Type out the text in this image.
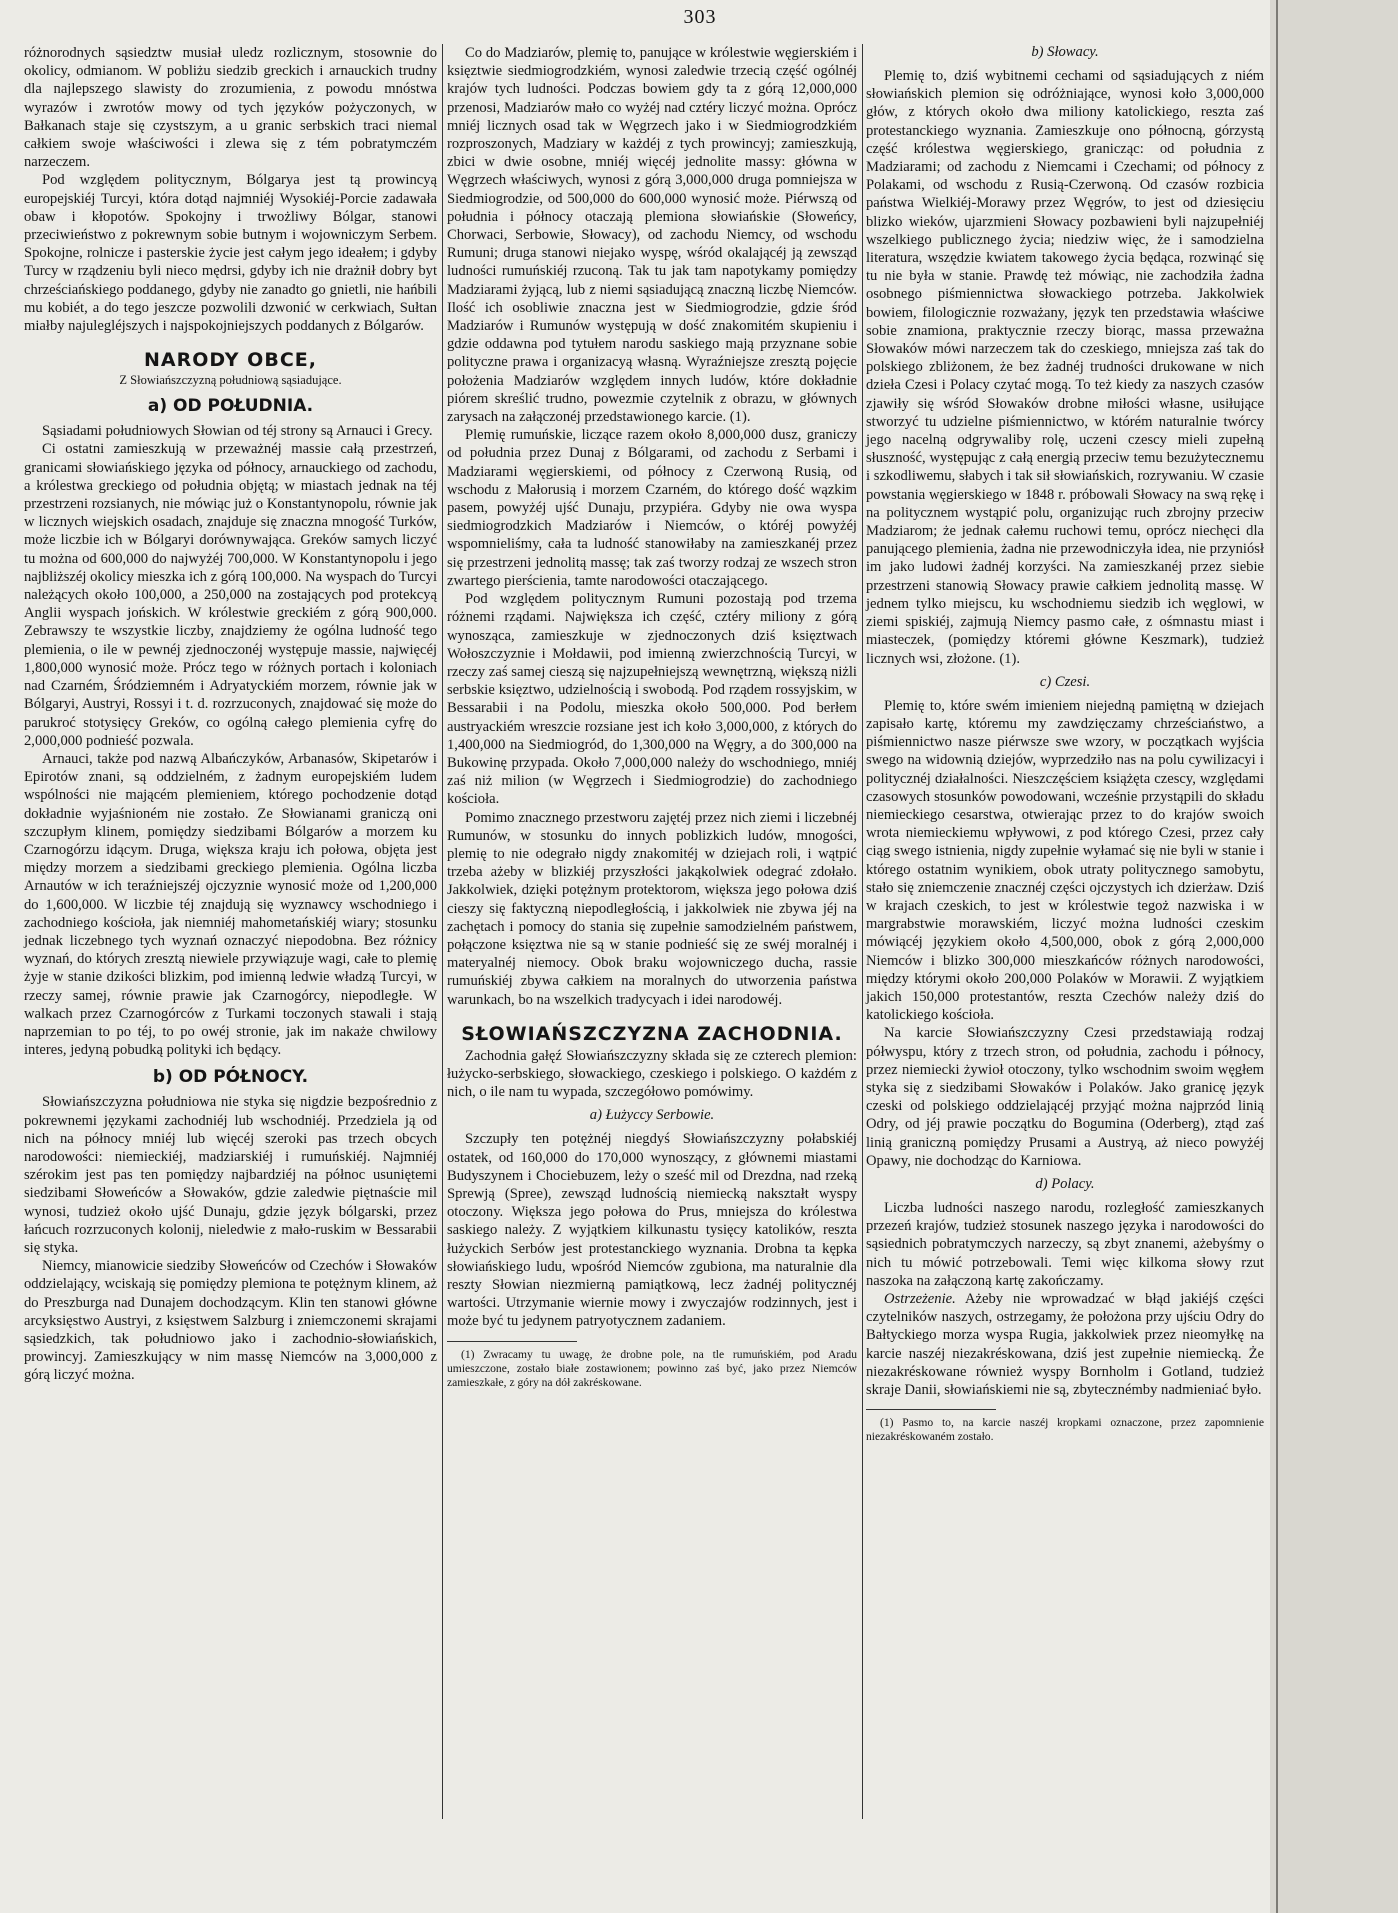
303

różnorodnych sąsiedztw musiał uledz rozlicznym, stosownie do okolicy, odmianom. W pobliżu siedzib greckich i arnauckich trudny dla najlepszego slawisty do zrozumienia, z powodu mnóstwa wyrazów i zwrotów mowy od tych języków pożyczonych, w Bałkanach staje się czystszym, a u granic serbskich traci niemal całkiem swoje właściwości i zlewa się z tém pobratymczém narzeczem.

Pod względem politycznym, Bólgarya jest tą prowincyą europejskiéj Turcyi, która dotąd najmniéj Wysokiéj-Porcie zadawała obaw i kłopotów. Spokojny i trwożliwy Bólgar, stanowi przeciwieństwo z pokrewnym sobie butnym i wojowniczym Serbem. Spokojne, rolnicze i pasterskie życie jest całym jego ideałem; i gdyby Turcy w rządzeniu byli nieco mędrsi, gdyby ich nie drażnił dobry byt chrześciańskiego poddanego, gdyby nie zanadto go gnietli, nie hańbili mu kobiét, a do tego jeszcze pozwolili dzwonić w cerkwiach, Sułtan miałby najulegléjszych i najspokojniejszych poddanych z Bólgarów.

NARODY OBCE,
Z Słowiańszczyzną południową sąsiadujące.
a) OD POŁUDNIA.

Sąsiadami południowych Słowian od téj strony są Arnauci i Grecy.

Ci ostatni zamieszkują w przeważnéj massie całą przestrzeń, granicami słowiańskiego języka od północy, arnauckiego od zachodu, a królestwa greckiego od południa objętą; w miastach jednak na téj przestrzeni rozsianych, nie mówiąc już o Konstantynopolu, równie jak w licznych wiejskich osadach, znajduje się znaczna mnogość Turków, może liczbie ich w Bólgaryi dorównywająca. Greków samych liczyć tu można od 600,000 do najwyżéj 700,000. W Konstantynopolu i jego najbliższéj okolicy mieszka ich z górą 100,000. Na wyspach do Turcyi należących około 100,000, a 250,000 na zostających pod protekcyą Anglii wyspach jońskich. W królestwie greckiém z górą 900,000. Zebrawszy te wszystkie liczby, znajdziemy że ogólna ludność tego plemienia, o ile w pewnéj zjednoczonéj występuje massie, najwięcéj 1,800,000 wynosić może. Prócz tego w różnych portach i koloniach nad Czarném, Śródziemném i Adryatyckiém morzem, równie jak w Bólgaryi, Austryi, Rossyi i t. d. rozrzuconych, znajdować się może do parukroć stotysięcy Greków, co ogólną całego plemienia cyfrę do 2,000,000 podnieść pozwala.

Arnauci, także pod nazwą Albańczyków, Arbanasów, Skipetarów i Epirotów znani, są oddzielném, z żadnym europejskiém ludem wspólności nie mającém plemieniem, którego pochodzenie dotąd dokładnie wyjaśnioném nie zostało. Ze Słowianami graniczą oni szczupłym klinem, pomiędzy siedzibami Bólgarów a morzem ku Czarnogórzu idącym. Druga, większa kraju ich połowa, objęta jest między morzem a siedzibami greckiego plemienia. Ogólna liczba Arnautów w ich teraźniejszéj ojczyznie wynosić może od 1,200,000 do 1,600,000. W liczbie téj znajdują się wyznawcy wschodniego i zachodniego kościoła, jak niemniéj mahometańskiéj wiary; stosunku jednak liczebnego tych wyznań oznaczyć niepodobna. Bez różnicy wyznań, do których zresztą niewiele przywiązuje wagi, całe to plemię żyje w stanie dzikości blizkim, pod imienną ledwie władzą Turcyi, w rzeczy samej, równie prawie jak Czarnogórcy, niepodległe. W walkach przez Czarnogórców z Turkami toczonych stawali i stają naprzemian to po téj, to po owéj stronie, jak im nakaże chwilowy interes, jedyną pobudką polityki ich będący.

b) OD PÓŁNOCY.

Słowiańszczyzna południowa nie styka się nigdzie bezpośrednio z pokrewnemi językami zachodniéj lub wschodniéj. Przedziela ją od nich na północy mniéj lub więcéj szeroki pas trzech obcych narodowości: niemieckiéj, madziarskiéj i rumuńskiéj. Najmniéj szérokim jest pas ten pomiędzy najbardziéj na północ usuniętemi siedzibami Słoweńców a Słowaków, gdzie zaledwie piętnaście mil wynosi, tudzież około ujść Dunaju, gdzie język bólgarski, przez łańcuch rozrzuconych kolonij, nieledwie z mało-ruskim w Bessarabii się styka.

Niemcy, mianowicie siedziby Słoweńców od Czechów i Słowaków oddzielający, wciskają się pomiędzy plemiona te potężnym klinem, aż do Preszburga nad Dunajem dochodzącym. Klin ten stanowi główne arcyksięstwo Austryi, z księstwem Salzburg i zniemczonemi skrajami sąsiedzkich, tak południowo jako i zachodnio-słowiańskich, prowincyj. Zamieszkujący w nim massę Niemców na 3,000,000 z górą liczyć można.

Co do Madziarów, plemię to, panujące w królestwie węgierskiém i księztwie siedmiogrodzkiém, wynosi zaledwie trzecią część ogólnéj krajów tych ludności. Podczas bowiem gdy ta z górą 12,000,000 przenosi, Madziarów mało co wyżéj nad cztéry liczyć można. Oprócz mniéj licznych osad tak w Węgrzech jako i w Siedmiogrodzkiém rozproszonych, Madziary w każdéj z tych prowincyj; zamieszkują, zbici w dwie osobne, mniéj więcéj jednolite massy: główna w Węgrzech właściwych, wynosi z górą 3,000,000 druga pomniejsza w Siedmiogrodzie, od 500,000 do 600,000 wynosić może. Piérwszą od południa i północy otaczają plemiona słowiańskie (Słoweńcy, Chorwaci, Serbowie, Słowacy), od zachodu Niemcy, od wschodu Rumuni; druga stanowi niejako wyspę, wśród okalającéj ją zewsząd ludności rumuńskiéj rzuconą. Tak tu jak tam napotykamy pomiędzy Madziarami żyjącą, lub z niemi sąsiadującą znaczną liczbę Niemców. Ilość ich osobliwie znaczna jest w Siedmiogrodzie, gdzie śród Madziarów i Rumunów występują w dość znakomitém skupieniu i gdzie oddawna pod tytułem narodu saskiego mają przyznane sobie polityczne prawa i organizacyą własną. Wyraźniejsze zresztą pojęcie położenia Madziarów względem innych ludów, które dokładnie piórem skreślić trudno, powezmie czytelnik z obrazu, w głównych zarysach na załączonéj przedstawionego karcie. (1).

Plemię rumuńskie, liczące razem około 8,000,000 dusz, graniczy od południa przez Dunaj z Bólgarami, od zachodu z Serbami i Madziarami węgierskiemi, od północy z Czerwoną Rusią, od wschodu z Małorusią i morzem Czarném, do którego dość wązkim pasem, powyżéj ujść Dunaju, przypiéra. Gdyby nie owa wyspa siedmiogrodzkich Madziarów i Niemców, o któréj powyżéj wspomnieliśmy, cała ta ludność stanowiłaby na zamieszkanéj przez się przestrzeni jednolitą massę; tak zaś tworzy rodzaj ze wszech stron zwartego pierścienia, tamte narodowości otaczającego.

Pod względem politycznym Rumuni pozostają pod trzema różnemi rządami. Największa ich część, cztéry miliony z górą wynosząca, zamieszkuje w zjednoczonych dziś księztwach Wołoszczyznie i Mołdawii, pod imienną zwierzchnością Turcyi, w rzeczy zaś samej cieszą się najzupełniejszą wewnętrzną, większą niżli serbskie księztwo, udzielnością i swobodą. Pod rządem rossyjskim, w Bessarabii i na Podolu, mieszka około 500,000. Pod berłem austryackiém wreszcie rozsiane jest ich koło 3,000,000, z których do 1,400,000 na Siedmiogród, do 1,300,000 na Węgry, a do 300,000 na Bukowinę przypada. Około 7,000,000 należy do wschodniego, mniéj zaś niż milion (w Węgrzech i Siedmiogrodzie) do zachodniego kościoła.

Pomimo znacznego przestworu zajętéj przez nich ziemi i liczebnéj Rumunów, w stosunku do innych poblizkich ludów, mnogości, plemię to nie odegrało nigdy znakomitéj w dziejach roli, i wątpić trzeba ażeby w blizkiéj przyszłości jakąkolwiek odegrać zdołało. Jakkolwiek, dzięki potężnym protektorom, większa jego połowa dziś cieszy się faktyczną niepodległością, i jakkolwiek nie zbywa jéj na zachętach i pomocy do stania się zupełnie samodzielném państwem, połączone księztwa nie są w stanie podnieść się ze swéj moralnéj i materyalnéj niemocy. Obok braku wojowniczego ducha, rassie rumuńskiéj zbywa całkiem na moralnych do utworzenia państwa warunkach, bo na wszelkich tradycyach i idei narodowéj.

SŁOWIAŃSZCZYZNA ZACHODNIA.

Zachodnia gałęź Słowiańszczyzny składa się ze czterech plemion: łużycko-serbskiego, słowackiego, czeskiego i polskiego. O każdém z nich, o ile nam tu wypada, szczegółowo pomówimy.

a) Łużyccy Serbowie.

Szczupły ten potężnéj niegdyś Słowiańszczyzny połabskiéj ostatek, od 160,000 do 170,000 wynoszący, z głównemi miastami Budyszynem i Chociebuzem, leży o sześć mil od Drezdna, nad rzeką Sprewją (Spree), zewsząd ludnością niemiecką nakształt wyspy otoczony. Większa jego połowa do Prus, mniejsza do królestwa saskiego należy. Z wyjątkiem kilkunastu tysięcy katolików, reszta łużyckich Serbów jest protestanckiego wyznania. Drobna ta kępka słowiańskiego ludu, wpośród Niemców zgubiona, ma naturalnie dla reszty Słowian niezmierną pamiątkową, lecz żadnéj politycznéj wartości. Utrzymanie wiernie mowy i zwyczajów rodzinnych, jest i może być tu jedynem patryotycznem zadaniem.

(1) Zwracamy tu uwagę, że drobne pole, na tle rumuńskiém, pod Aradu umieszczone, zostało białe zostawionem; powinno zaś być, jako przez Niemców zamieszkałe, z góry na dół zakréskowane.

b) Słowacy.

Plemię to, dziś wybitnemi cechami od sąsiadujących z niém słowiańskich plemion się odróżniające, wynosi koło 3,000,000 głów, z których około dwa miliony katolickiego, reszta zaś protestanckiego wyznania. Zamieszkuje ono północną, górzystą część królestwa węgierskiego, granicząc: od południa z Madziarami; od zachodu z Niemcami i Czechami; od północy z Polakami, od wschodu z Rusią-Czerwoną. Od czasów rozbicia państwa Wielkiéj-Morawy przez Węgrów, to jest od dziesięciu blizko wieków, ujarzmieni Słowacy pozbawieni byli najzupełniéj wszelkiego publicznego życia; niedziw więc, że i samodzielna literatura, wszędzie kwiatem takowego życia będąca, rozwinąć się tu nie była w stanie. Prawdę też mówiąc, nie zachodziła żadna osobnego piśmiennictwa słowackiego potrzeba. Jakkolwiek bowiem, filologicznie rozważany, język ten przedstawia właściwe sobie znamiona, praktycznie rzeczy biorąc, massa przeważna Słowaków mówi narzeczem tak do czeskiego, mniejsza zaś tak do polskiego zbliżonem, że bez żadnéj trudności drukowane w nich dzieła Czesi i Polacy czytać mogą. To też kiedy za naszych czasów zjawiły się wśród Słowaków drobne miłości własne, usiłujące stworzyć tu udzielne piśmiennictwo, w którém naturalnie twórcy jego nacelną odgrywaliby rolę, uczeni czescy mieli zupełną słuszność, występując z całą energią przeciw temu bezużytecznemu i szkodliwemu, słabych i tak sił słowiańskich, rozrywaniu. W czasie powstania węgierskiego w 1848 r. próbowali Słowacy na swą rękę i na politycznem wystąpić polu, organizując ruch zbrojny przeciw Madziarom; że jednak całemu ruchowi temu, oprócz niechęci dla panującego plemienia, żadna nie przewodniczyła idea, nie przyniósł im jako ludowi żadnéj korzyści. Na zamieszkanéj przez siebie przestrzeni stanowią Słowacy prawie całkiem jednolitą massę. W jednem tylko miejscu, ku wschodniemu siedzib ich węglowi, w ziemi spiskiéj, zajmują Niemcy pasmo całe, z ośmnastu miast i miasteczek, (pomiędzy któremi główne Keszmark), tudzież licznych wsi, złożone. (1).

c) Czesi.

Plemię to, które swém imieniem niejedną pamiętną w dziejach zapisało kartę, któremu my zawdzięczamy chrześciaństwo, a piśmiennictwo nasze piérwsze swe wzory, w początkach wyjścia swego na widownią dziejów, wyprzedziło nas na polu cywilizacyi i politycznéj działalności. Nieszczęściem książęta czescy, względami czasowych stosunków powodowani, wcześnie przystąpili do składu niemieckiego cesarstwa, otwierając przez to do krajów swoich wrota niemieckiemu wpływowi, z pod którego Czesi, przez cały ciąg swego istnienia, nigdy zupełnie wyłamać się nie byli w stanie i którego ostatnim wynikiem, obok utraty politycznego samobytu, stało się zniemczenie znacznéj części ojczystych ich dzierżaw. Dziś w krajach czeskich, to jest w królestwie tegoż nazwiska i w margrabstwie morawskiém, liczyć można ludności czeskim mówiącéj językiem około 4,500,000, obok z górą 2,000,000 Niemców i blizko 300,000 mieszkańców różnych narodowości, między którymi około 200,000 Polaków w Morawii. Z wyjątkiem jakich 150,000 protestantów, reszta Czechów należy dziś do katolickiego kościoła.

Na karcie Słowiańszczyzny Czesi przedstawiają rodzaj półwyspu, który z trzech stron, od południa, zachodu i północy, przez niemiecki żywioł otoczony, tylko wschodnim swoim węgłem styka się z siedzibami Słowaków i Polaków. Jako granicę język czeski od polskiego oddzielającéj przyjąć można najprzód linią Odry, od jéj prawie początku do Bogumina (Oderberg), ztąd zaś linią graniczną pomiędzy Prusami a Austryą, aż nieco powyżéj Opawy, nie dochodząc do Karniowa.

d) Polacy.

Liczba ludności naszego narodu, rozległość zamieszkanych przezeń krajów, tudzież stosunek naszego języka i narodowości do sąsiednich pobratymczych narzeczy, są zbyt znanemi, ażebyśmy o nich tu mówić potrzebowali. Temi więc kilkoma słowy rzut naszoka na załączoną kartę zakończamy.

Ostrzeżenie. Ażeby nie wprowadzać w błąd jakiéjś części czytelników naszych, ostrzegamy, że położona przy ujściu Odry do Bałtyckiego morza wyspa Rugia, jakkolwiek przez nieomyłkę na karcie naszéj niezakréskowana, dziś jest zupełnie niemiecką. Że niezakréskowane również wyspy Bornholm i Gotland, tudzież skraje Danii, słowiańskiemi nie są, zbytecznémby nadmieniać było.

(1) Pasmo to, na karcie naszéj kropkami oznaczone, przez zapomnienie niezakréskowaném zostało.
